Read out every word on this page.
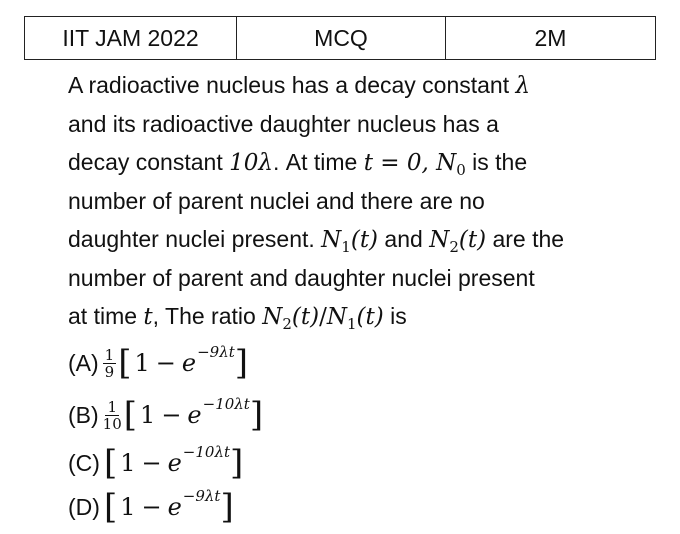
IIT JAM 2022	MCQ	2M
A radioactive nucleus has a decay constant λ
and its radioactive daughter nucleus has a
decay constant 10λ. At time t = 0, $N_0$ is the
number of parent nuclei and there are no
daughter nuclei present. $N_1(t)$ and $N_2(t)$ are the
number of parent and daughter nuclei present
at time t, The ratio $N_2(t)/N_1(t)$ is
$(A) \frac{1}{9}$ [ 1 − e −9λt ]
$(B) \frac{1}{10}$ [ 1 − e −10λt ]
(C) [ 1 − e −10λt ]
(D) [ 1 − e −9λt ]
